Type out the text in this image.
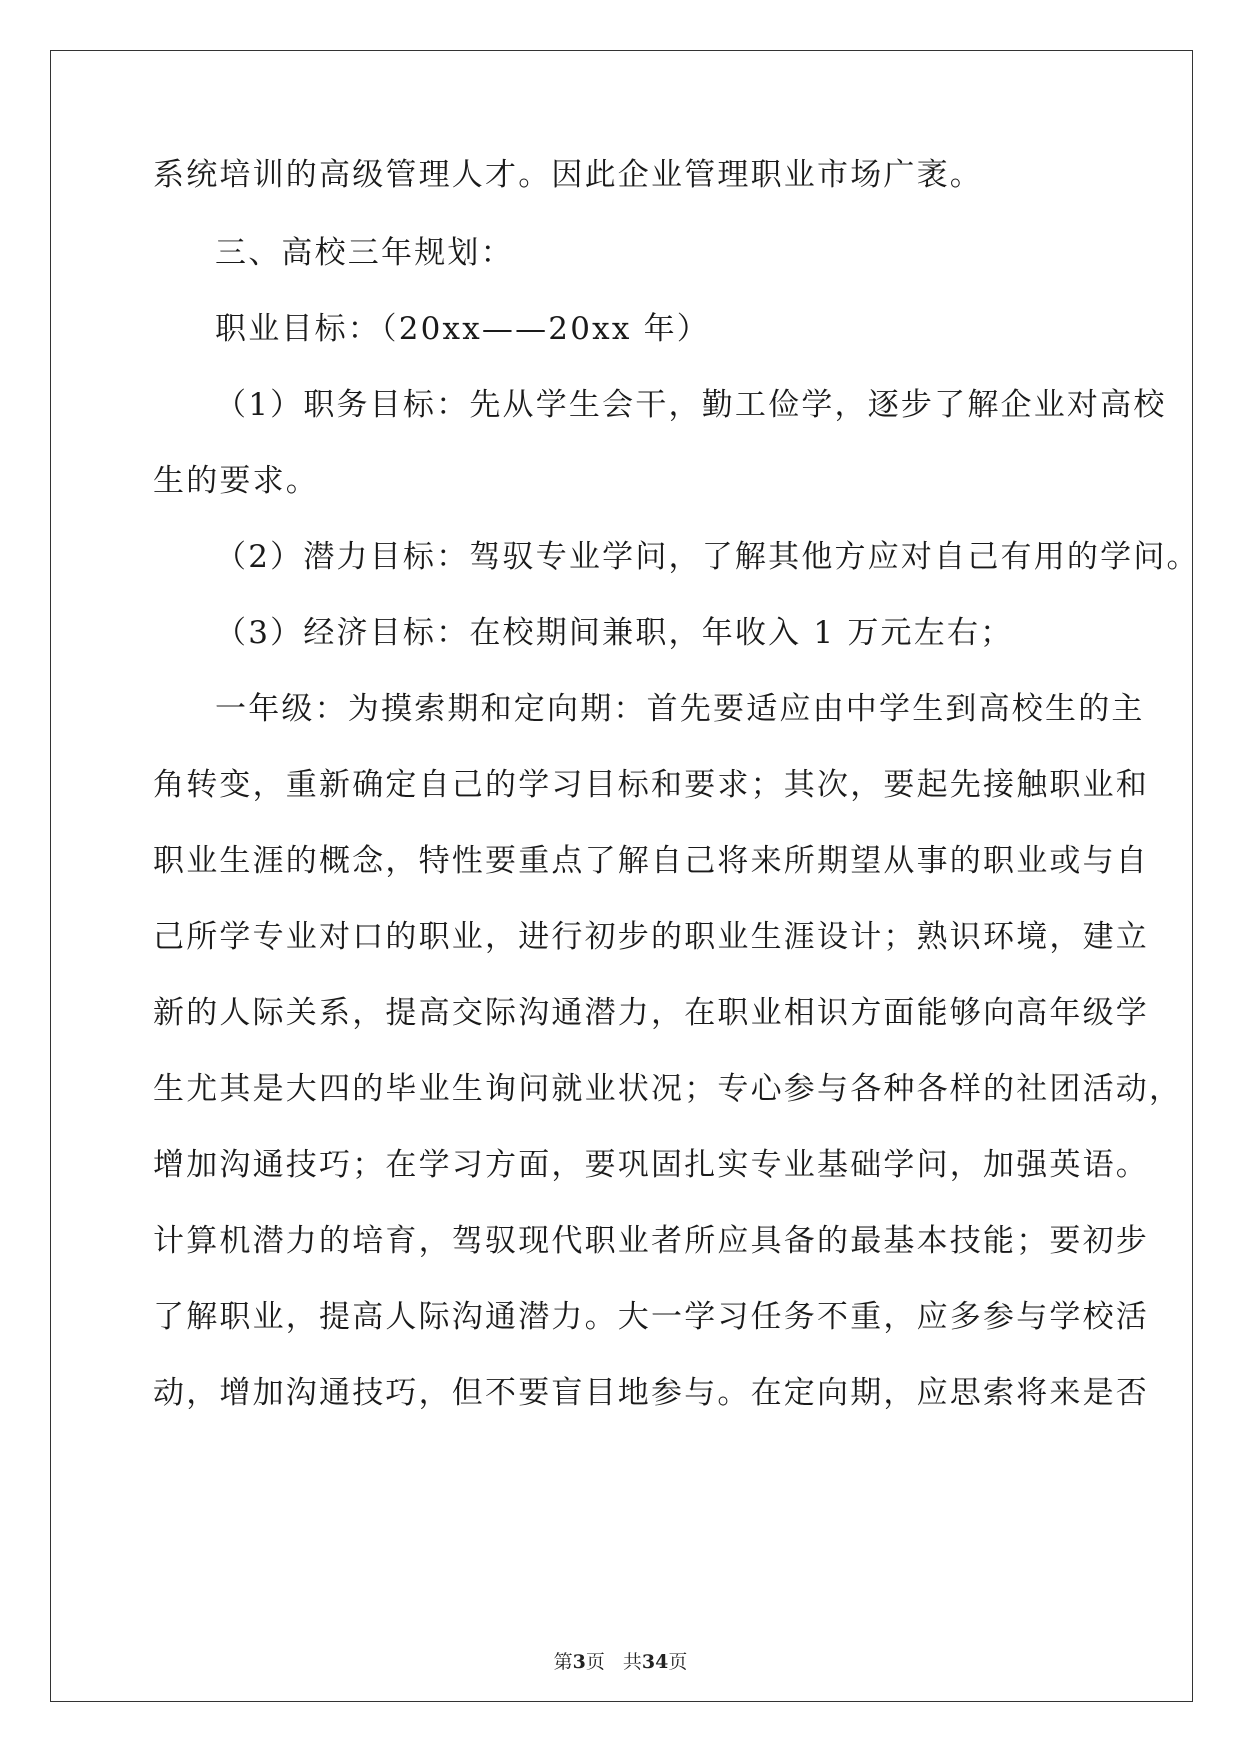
系统培训的高级管理人才。因此企业管理职业市场广袤。
三、高校三年规划：
职业目标：（20xx——20xx 年）
（1）职务目标：先从学生会干，勤工俭学，逐步了解企业对高校
生的要求。
（2）潜力目标：驾驭专业学问，了解其他方应对自己有用的学问。
（3）经济目标：在校期间兼职，年收入 1 万元左右；
一年级：为摸索期和定向期：首先要适应由中学生到高校生的主
角转变，重新确定自己的学习目标和要求；其次，要起先接触职业和
职业生涯的概念，特性要重点了解自己将来所期望从事的职业或与自
己所学专业对口的职业，进行初步的职业生涯设计；熟识环境，建立
新的人际关系，提高交际沟通潜力，在职业相识方面能够向高年级学
生尤其是大四的毕业生询问就业状况；专心参与各种各样的社团活动，
增加沟通技巧；在学习方面，要巩固扎实专业基础学问，加强英语。
计算机潜力的培育，驾驭现代职业者所应具备的最基本技能；要初步
了解职业，提高人际沟通潜力。大一学习任务不重，应多参与学校活
动，增加沟通技巧，但不要盲目地参与。在定向期，应思索将来是否
第3页 共34页
